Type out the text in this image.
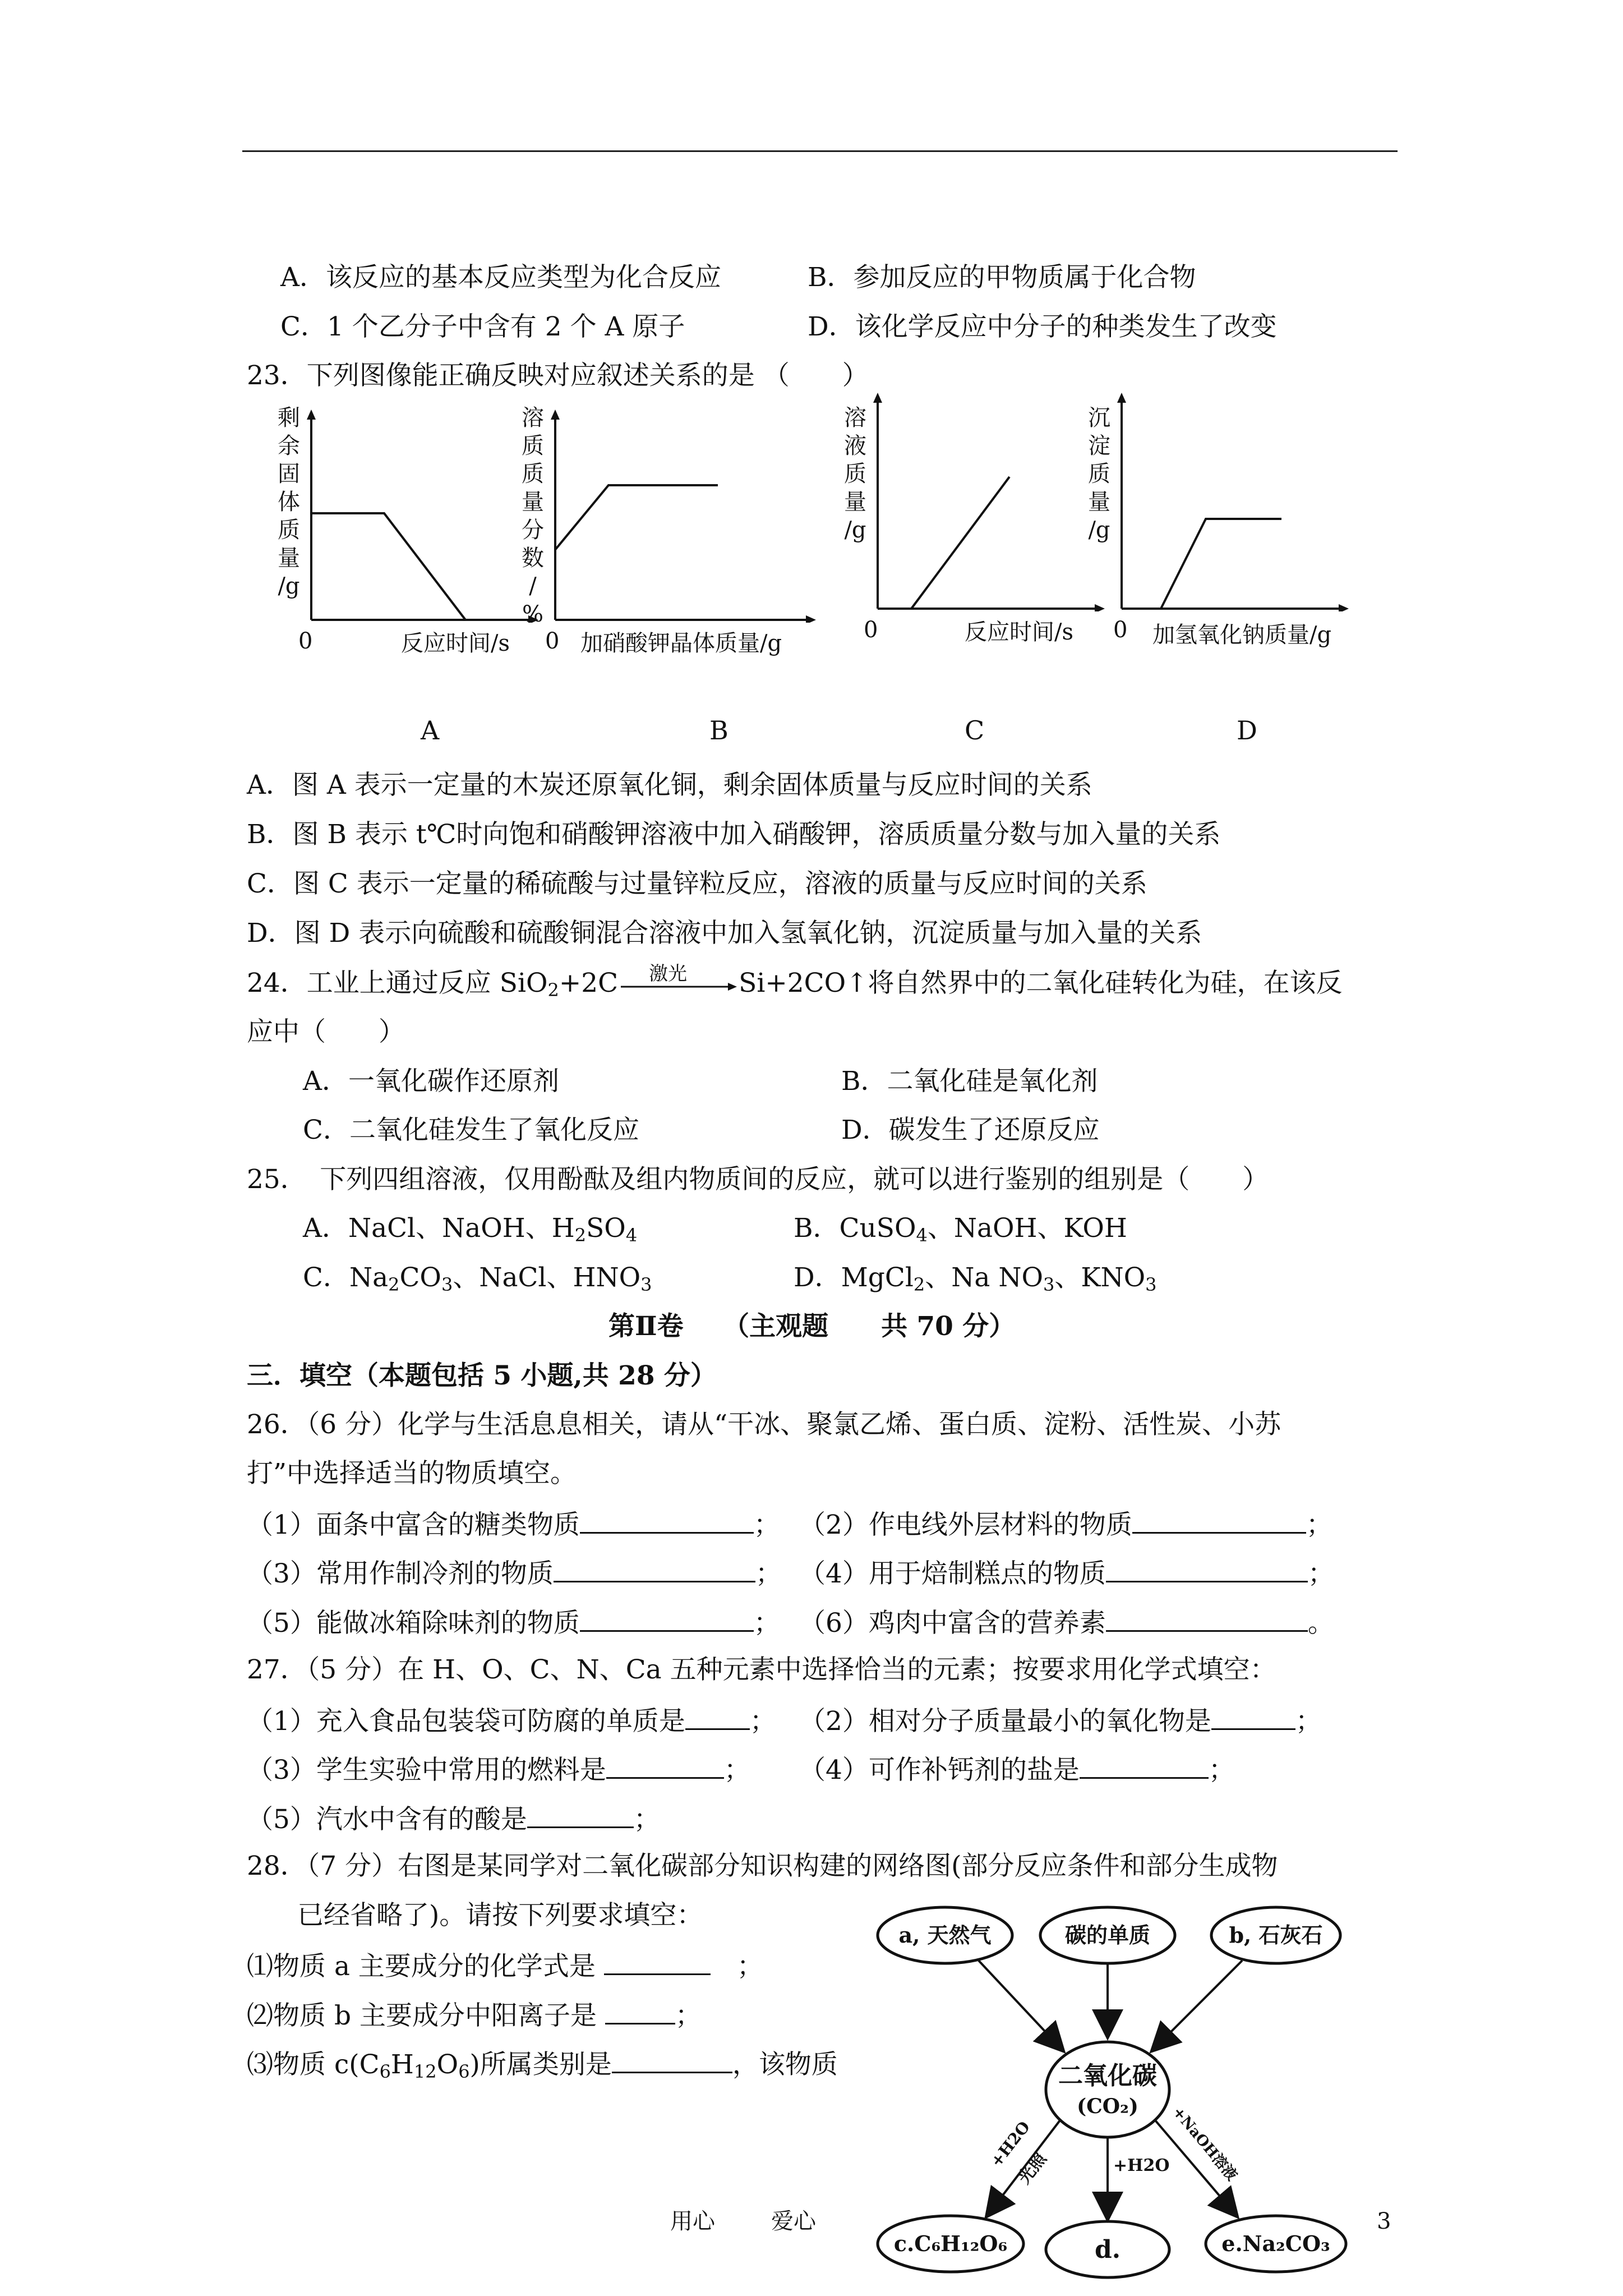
A．该反应的基本反应类型为化合反应	B．参加反应的甲物质属于化合物
C．1 个乙分子中含有 2 个 A 原子	D．该化学反应中分子的种类发生了改变
23．下列图像能正确反映对应叙述关系的是 （　　）
剩
余
固
体
质
量
/g
0	反应时间/s
A
溶
质
质
量
分
数
/
%
0 加硝酸钾晶体质量/g
B
溶
液
质
量
/g
0	反应时间/s
C
沉
淀
质
量
/g
0 加氢氧化钠质量/g
D
A．图 A 表示一定量的木炭还原氧化铜，剩余固体质量与反应时间的关系
B．图 B 表示 t℃时向饱和硝酸钾溶液中加入硝酸钾，溶质质量分数与加入量的关系
C．图 C 表示一定量的稀硫酸与过量锌粒反应，溶液的质量与反应时间的关系
D．图 D 表示向硫酸和硫酸铜混合溶液中加入氢氧化钠，沉淀质量与加入量的关系
24．工业上通过反应 SiO$_2$+2C 激光 Si+2CO↑将自然界中的二氧化硅转化为硅，在该反
应中（　　）
A．一氧化碳作还原剂	B．二氧化硅是氧化剂
C．二氧化硅发生了氧化反应	D．碳发生了还原反应
25．　下列四组溶液，仅用酚酞及组内物质间的反应，就可以进行鉴别的组别是（　　）
A．NaCl、NaOH、$H_2SO_4$	B．CuSO$_4$、NaOH、KOH
C．$Na_2CO_3$、NaCl、$HNO_3$	D．MgCl$_2$、Na $NO_3$、$KNO_3$
第Ⅱ卷　　（主观题　　共 70 分）
三．填空（本题包括 5 小题,共 28 分）
26．（6 分）化学与生活息息相关，请从“干冰、聚氯乙烯、蛋白质、淀粉、活性炭、小苏
打”中选择适当的物质填空。
（1）面条中富含的糖类物质	； （2）作电线外层材料的物质	；
（3）常用作制冷剂的物质	； （4）用于焙制糕点的物质	；
（5）能做冰箱除味剂的物质	； （6）鸡肉中富含的营养素	。
27．（5 分）在 H、O、C、N、Ca 五种元素中选择恰当的元素；按要求用化学式填空：
（1）充入食品包装袋可防腐的单质是 ； （2）相对分子质量最小的氧化物是	；
（3）学生实验中常用的燃料是	； （4）可作补钙剂的盐是	；
（5）汽水中含有的酸是	；
28．（7 分）右图是某同学对二氧化碳部分知识构建的网络图(部分反应条件和部分生成物
已经省略了)。请按下列要求填空：
⑴物质 a 主要成分的化学式是	　；
⑵物质 b 主要成分中阳离子是	；
⑶物质 $c(C_6H_{12}O_6)$所属类别是	，该物质
a, 天然气	碳的单质	b, 石灰石
二氧化碳
(CO₂)
c.C₆H₁₂O₆	d.	e.Na₂CO₃
+H2O
光照	+H2O +NaOH溶液
用心	爱心	3
